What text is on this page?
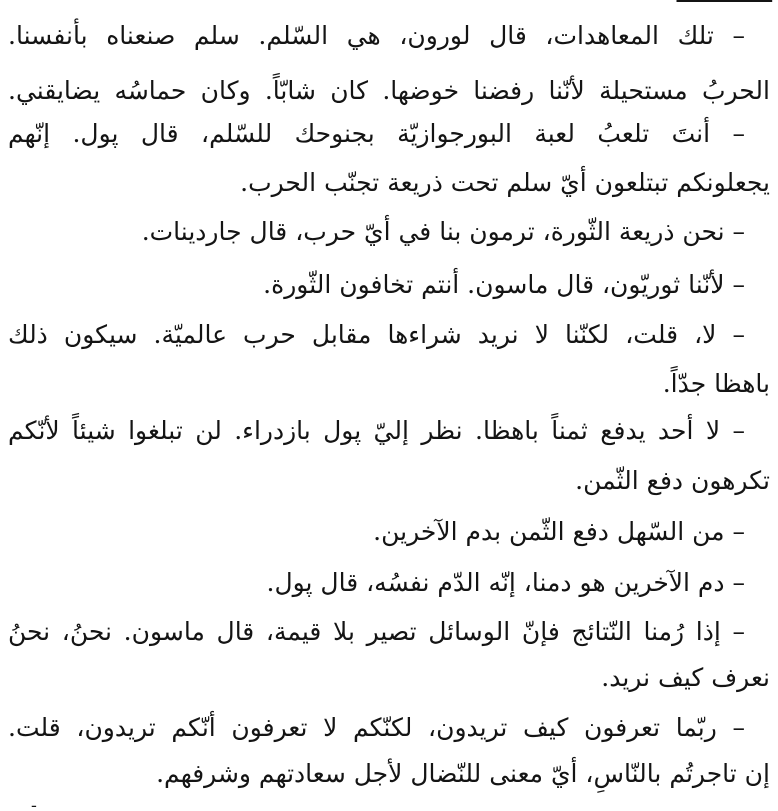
– تلك المعاهدات، قال لورون، هي السّلم. سلم صنعناه بأنفسنا.
الحربُ مستحيلة لأنّنا رفضنا خوضها. كان شابّاً. وكان حماسُه يضايقني.
– أنتَ تلعبُ لعبة البورجوازيّة بجنوحك للسّلم، قال پول. إنّهم
يجعلونكم تبتلعون أيّ سلم تحت ذريعة تجنّب الحرب.
– نحن ذريعة الثّورة، ترمون بنا في أيّ حرب، قال جاردينات.
– لأنّنا ثوريّون، قال ماسون. أنتم تخافون الثّورة.
– لا، قلت، لكنّنا لا نريد شراءها مقابل حرب عالميّة. سيكون ذلك
باهظا جدّاً.
– لا أحد يدفع ثمناً باهظا. نظر إليّ پول بازدراء. لن تبلغوا شيئاً لأنّكم
تكرهون دفع الثّمن.
– من السّهل دفع الثّمن بدم الآخرين.
– دم الآخرين هو دمنا، إنّه الدّم نفسُه، قال پول.
– إذا رُمنا النّتائج فإنّ الوسائل تصير بلا قيمة، قال ماسون. نحنُ، نحنُ
نعرف كيف نريد.
– ربّما تعرفون كيف تريدون، لكنّكم لا تعرفون أنّكم تريدون، قلت.
إن تاجرتُم بالنّاسِ، أيّ معنى للنّضال لأجل سعادتهم وشرفهم.
ـ
